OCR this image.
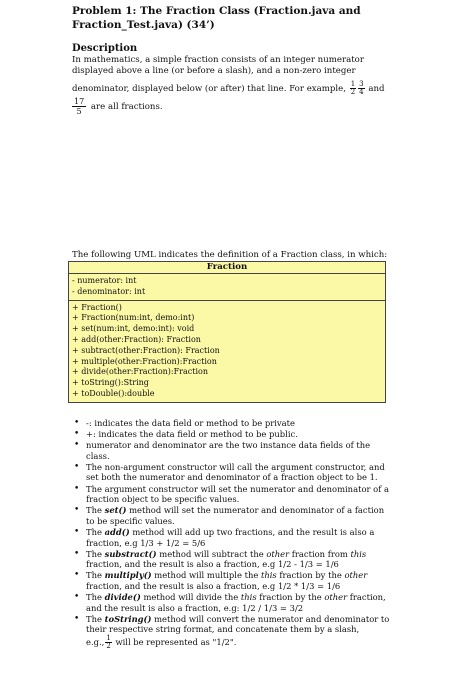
Problem 1: The Fraction Class (Fraction.java and
Fraction_Test.java) (34’)
Description
In mathematics, a simple fraction consists of an integer numerator
displayed above a line (or before a slash), and a non-zero integer
denominator, displayed below (or after) that line. For example, $\frac{1}{2} \frac{3}{4}$ and
$\frac{17}{5}$ are all fractions.
The following UML indicates the definition of a Fraction class, in which:
Fraction
- numerator: int
- denominator: int
+ Fraction()
+ Fraction(num:int, demo:int)
+ set(num:int, demo:int): void
+ add(other:Fraction): Fraction
+ subtract(other:Fraction): Fraction
+ multiple(other:Fraction):Fraction
+ divide(other:Fraction):Fraction
+ toString():String
+ toDouble():double
• -: indicates the data field or method to be private
• +: indicates the data field or method to be public.
• numerator and denominator are the two instance data fields of the class.
• The non-argument constructor will call the argument constructor, and set both the numerator and denominator of a fraction object to be 1.
• The argument constructor will set the numerator and denominator of a fraction object to be specific values.
• The set() method will set the numerator and denominator of a faction to be specific values.
• The add() method will add up two fractions, and the result is also a fraction, e.g 1/3 + 1/2 = 5/6
• The substract() method will subtract the other fraction from this fraction, and the result is also a fraction, e.g 1/2 - 1/3 = 1/6
• The multiply() method will multiple the this fraction by the other fraction, and the result is also a fraction, e.g 1/2 * 1/3 = 1/6
• The divide() method will divide the this fraction by the other fraction, and the result is also a fraction, e.g: 1/2 / 1/3 = 3/2
• The toString() method will convert the numerator and denominator to their respective string format, and concatenate them by a slash,
e.g., $\frac{1}{2}$ will be represented as "1/2".
